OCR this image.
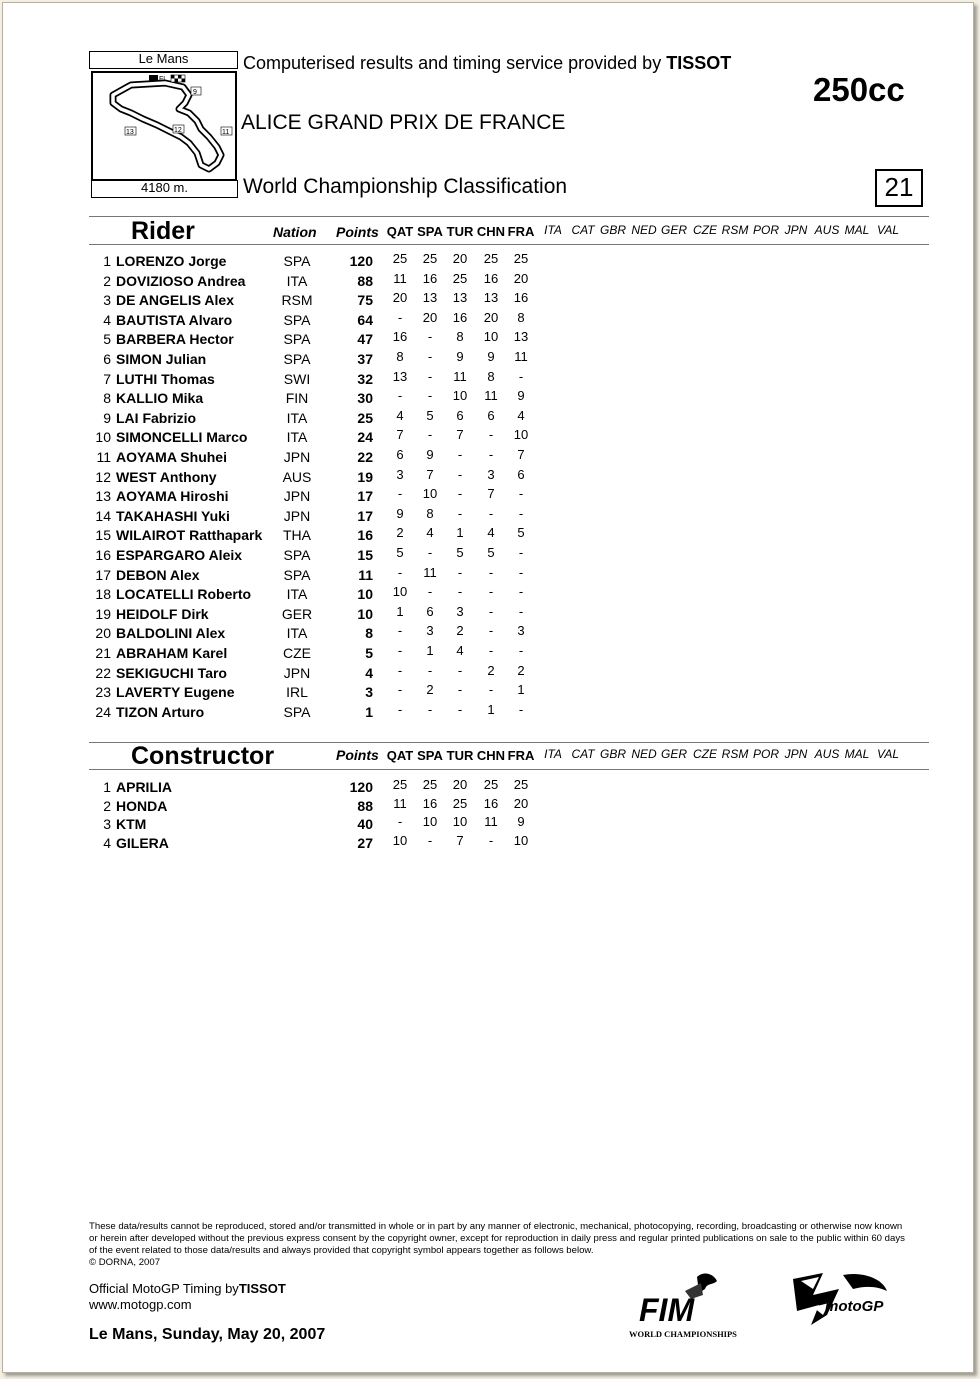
Le Mans
FL
9
12
13	11
4180 m.
Computerised results and timing service provided by TISSOT
250cc
ALICE GRAND PRIX DE FRANCE
World Championship Classification	21
Rider	Nation Points QAT SPA TUR CHN FRA ITA CAT GBR NED GER CZE RSM POR JPN AUS MAL VAL
1 LORENZO Jorge	SPA	120	25	25	20	25	25
2 DOVIZIOSO Andrea	ITA	88	11	16	25	16	20
3 DE ANGELIS Alex	RSM	75	20	13	13	13	16
4 BAUTISTA Alvaro	SPA	64	-	20	16	20	8
5 BARBERA Hector	SPA	47	16	-	8	10	13
6 SIMON Julian	SPA	37	8	-	9	9	11
7 LUTHI Thomas	SWI	32	13	-	11	8	-
8 KALLIO Mika	FIN	30	-	-	10	11	9
9 LAI Fabrizio	ITA	25	4	5	6	6	4
10 SIMONCELLI Marco	ITA	24	7	-	7	-	10
11 AOYAMA Shuhei	JPN	22	6	9	-	-	7
12 WEST Anthony	AUS	19	3	7	-	3	6
13 AOYAMA Hiroshi	JPN	17	-	10	-	7	-
14 TAKAHASHI Yuki	JPN	17	9	8	-	-	-
15 WILAIROT Ratthapark	THA	16	2	4	1	4	5
16 ESPARGARO Aleix	SPA	15	5	-	5	5	-
17 DEBON Alex	SPA	11	-	11	-	-	-
18 LOCATELLI Roberto	ITA	10	10	-	-	-	-
19 HEIDOLF Dirk	GER	10	1	6	3	-	-
20 BALDOLINI Alex	ITA	8	-	3	2	-	3
21 ABRAHAM Karel	CZE	5	-	1	4	-	-
22 SEKIGUCHI Taro	JPN	4	-	-	-	2	2
23 LAVERTY Eugene	IRL	3	-	2	-	-	1
24 TIZON Arturo	SPA	1	-	-	-	1	-
Constructor	Points QAT SPA TUR CHN FRA ITA CAT GBR NED GER CZE RSM POR JPN AUS MAL VAL
1 APRILIA	120	25	25	20	25	25
2 HONDA	88	11	16	25	16	20
3 KTM	40	-	10	10	11	9
4 GILERA	27	10	-	7	-	10
These data/results cannot be reproduced, stored and/or transmitted in whole or in part by any manner of electronic, mechanical, photocopying, recording, broadcasting or otherwise now known or herein after developed without the previous express consent by the copyright owner, except for reproduction in daily press and regular printed publications on sale to the public within 60 days of the event related to those data/results and always provided that copyright symbol appears together as follows below.
© DORNA, 2007
Official MotoGP Timing byTISSOT
www.motogp.com
Le Mans, Sunday, May 20, 2007
FIM
WORLD CHAMPIONSHIPS
motoGP
